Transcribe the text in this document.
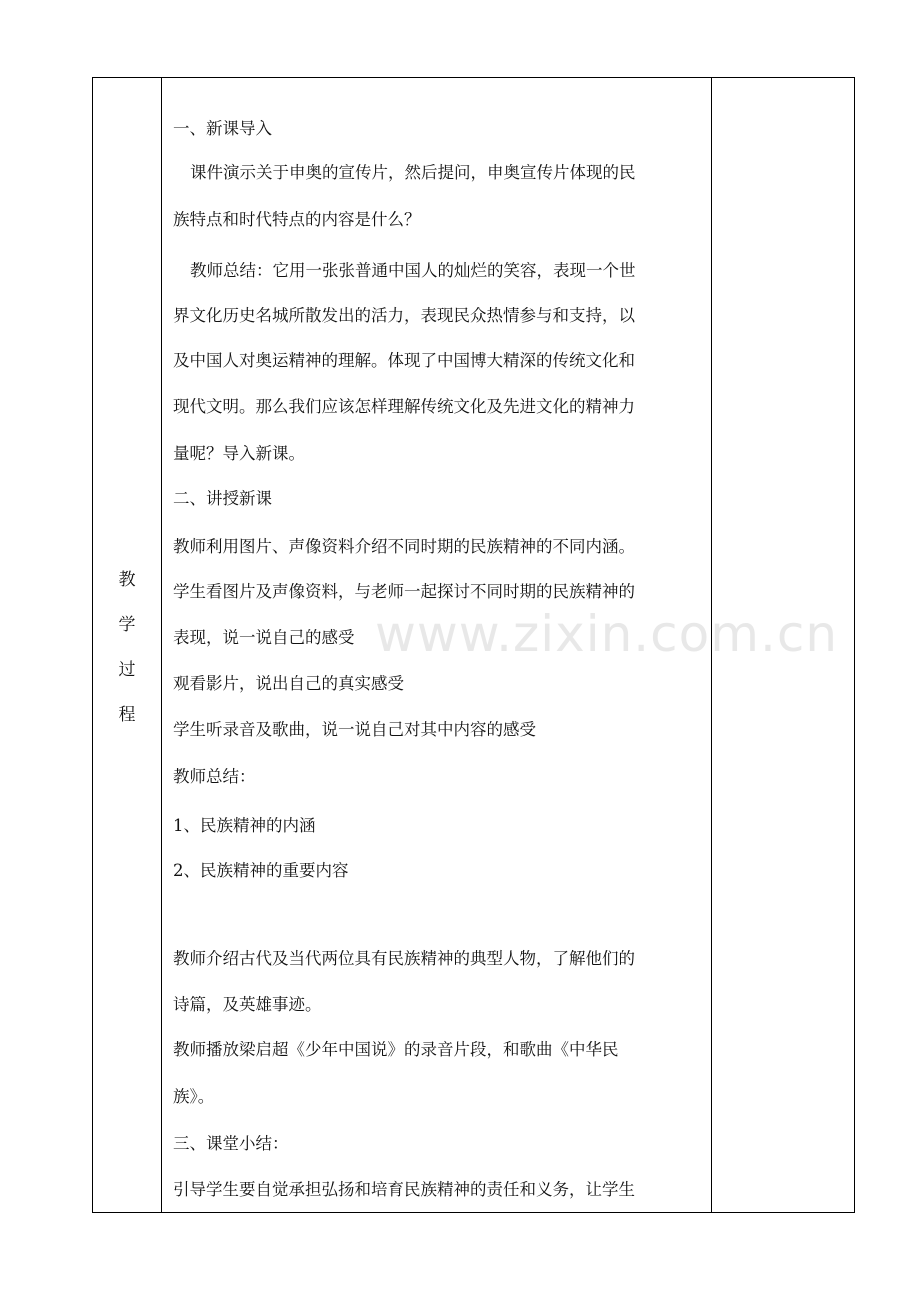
教
学
过
程
一、新课导入
课件演示关于申奥的宣传片，然后提问，申奥宣传片体现的民
族特点和时代特点的内容是什么？
教师总结：它用一张张普通中国人的灿烂的笑容，表现一个世
界文化历史名城所散发出的活力，表现民众热情参与和支持，以
及中国人对奥运精神的理解。体现了中国博大精深的传统文化和
现代文明。那么我们应该怎样理解传统文化及先进文化的精神力
量呢？导入新课。
二、讲授新课
教师利用图片、声像资料介绍不同时期的民族精神的不同内涵。
学生看图片及声像资料，与老师一起探讨不同时期的民族精神的
表现，说一说自己的感受
观看影片，说出自己的真实感受
学生听录音及歌曲，说一说自己对其中内容的感受
教师总结：
1、民族精神的内涵
2、民族精神的重要内容
教师介绍古代及当代两位具有民族精神的典型人物，了解他们的
诗篇，及英雄事迹。
教师播放梁启超《少年中国说》的录音片段，和歌曲《中华民
族》。
三、课堂小结：
引导学生要自觉承担弘扬和培育民族精神的责任和义务，让学生
www.zixin.com.cn
